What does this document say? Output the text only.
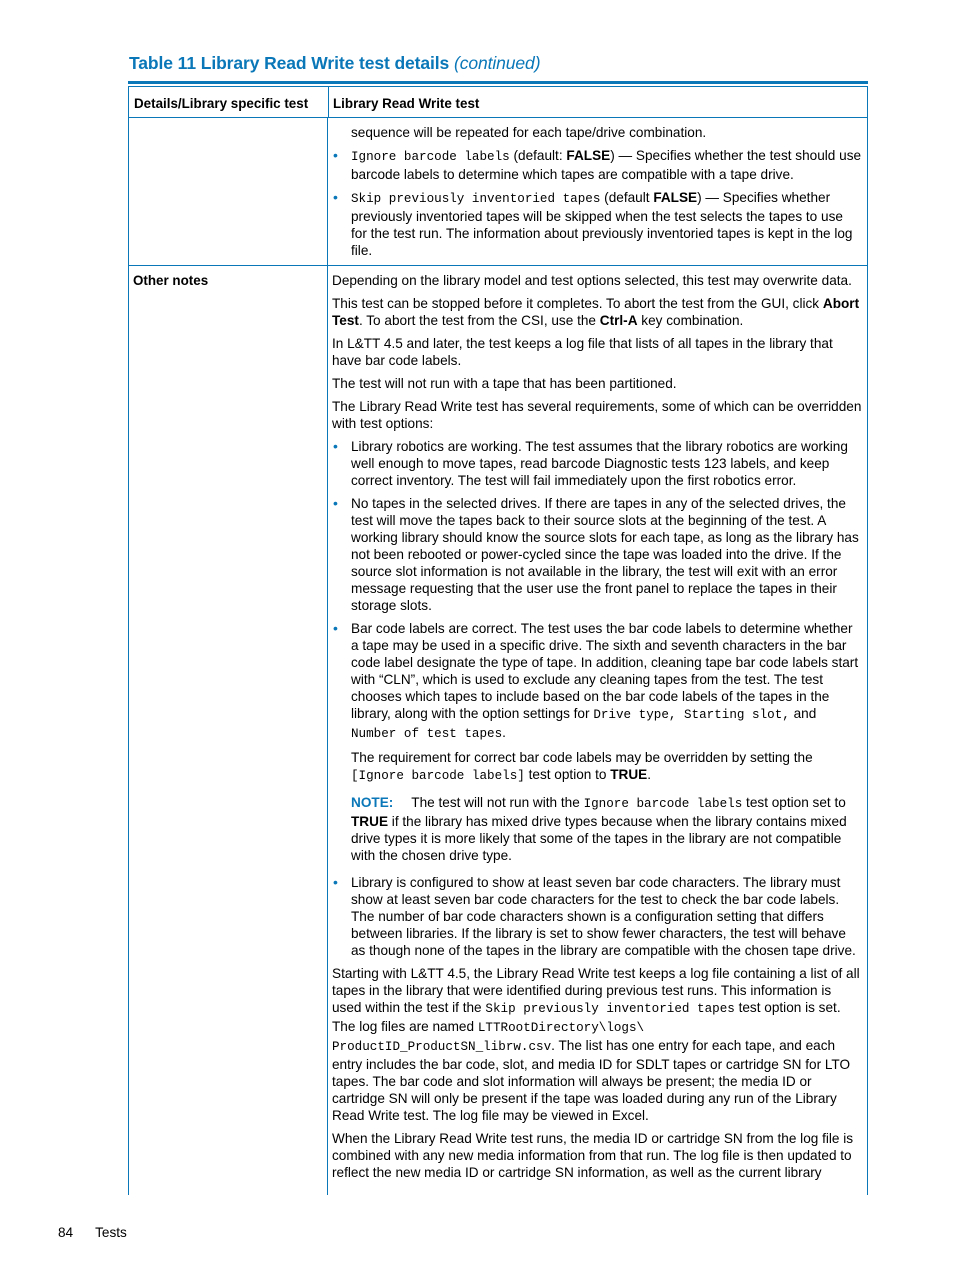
Table 11 Library Read Write test details (continued)
Details/Library specific test Library Read Write test

sequence will be repeated for each tape/drive combination.

• Ignore barcode labels (default: FALSE) — Specifies whether the test should use barcode labels to determine which tapes are compatible with a tape drive.
• Skip previously inventoried tapes (default FALSE) — Specifies whether previously inventoried tapes will be skipped when the test selects the tapes to use for the test run. The information about previously inventoried tapes is kept in the log file.
Other notes	Depending on the library model and test options selected, this test may overwrite data.

This test can be stopped before it completes. To abort the test from the GUI, click Abort Test. To abort the test from the CSI, use the Ctrl-A key combination.

In L&TT 4.5 and later, the test keeps a log file that lists of all tapes in the library that have bar code labels.

The test will not run with a tape that has been partitioned.

The Library Read Write test has several requirements, some of which can be overridden with test options:

• Library robotics are working. The test assumes that the library robotics are working well enough to move tapes, read barcode Diagnostic tests 123 labels, and keep correct inventory. The test will fail immediately upon the first robotics error.
• No tapes in the selected drives. If there are tapes in any of the selected drives, the test will move the tapes back to their source slots at the beginning of the test. A working library should know the source slots for each tape, as long as the library has not been rebooted or power-cycled since the tape was loaded into the drive. If the source slot information is not available in the library, the test will exit with an error message requesting that the user use the front panel to replace the tapes in their storage slots.
• Bar code labels are correct. The test uses the bar code labels to determine whether a tape may be used in a specific drive. The sixth and seventh characters in the bar code label designate the type of tape. In addition, cleaning tape bar code labels start with “CLN”, which is used to exclude any cleaning tapes from the test. The test chooses which tapes to include based on the bar code labels of the tapes in the library, along with the option settings for Drive type, Starting slot, and Number of test tapes.
The requirement for correct bar code labels may be overridden by setting the [Ignore barcode labels] test option to TRUE.
NOTE: The test will not run with the Ignore barcode labels test option set to TRUE if the library has mixed drive types because when the library contains mixed drive types it is more likely that some of the tapes in the library are not compatible with the chosen drive type.
• Library is configured to show at least seven bar code characters. The library must show at least seven bar code characters for the test to check the bar code labels. The number of bar code characters shown is a configuration setting that differs between libraries. If the library is set to show fewer characters, the test will behave as though none of the tapes in the library are compatible with the chosen tape drive.

Starting with L&TT 4.5, the Library Read Write test keeps a log file containing a list of all tapes in the library that were identified during previous test runs. This information is used within the test if the Skip previously inventoried tapes test option is set. The log files are named LTTRootDirectory\logs\ ProductID_ProductSN_librw.csv. The list has one entry for each tape, and each entry includes the bar code, slot, and media ID for SDLT tapes or cartridge SN for LTO tapes. The bar code and slot information will always be present; the media ID or cartridge SN will only be present if the tape was loaded during any run of the Library Read Write test. The log file may be viewed in Excel.

When the Library Read Write test runs, the media ID or cartridge SN from the log file is combined with any new media information from that run. The log file is then updated to reflect the new media ID or cartridge SN information, as well as the current library

84 Tests
